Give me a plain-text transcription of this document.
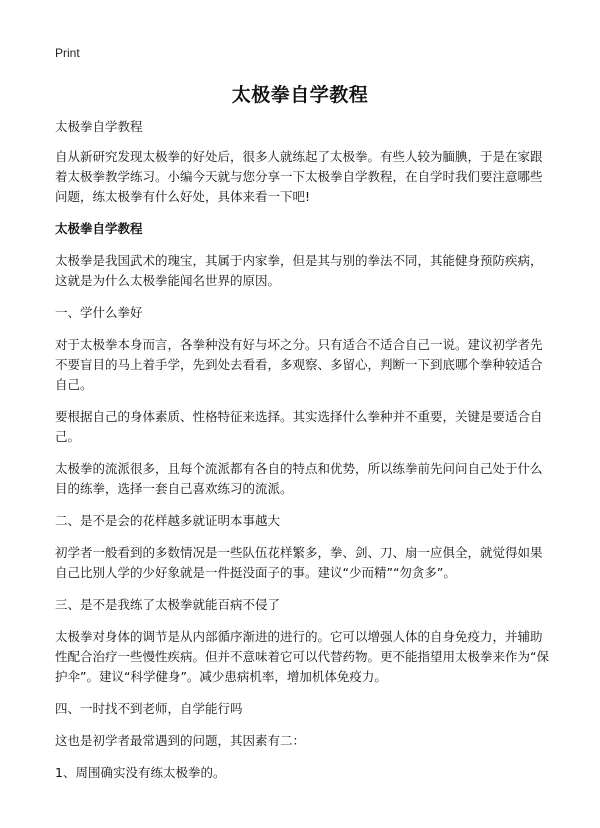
Print
太极拳自学教程

太极拳自学教程

自从新研究发现太极拳的好处后，很多人就练起了太极拳。有些人较为腼腆，于是在家跟着太极拳教学练习。小编今天就与您分享一下太极拳自学教程，在自学时我们要注意哪些问题，练太极拳有什么好处，具体来看一下吧!

太极拳自学教程

太极拳是我国武术的瑰宝，其属于内家拳，但是其与别的拳法不同，其能健身预防疾病，这就是为什么太极拳能闻名世界的原因。

一、学什么拳好

对于太极拳本身而言，各拳种没有好与坏之分。只有适合不适合自己一说。建议初学者先不要盲目的马上着手学，先到处去看看，多观察、多留心，判断一下到底哪个拳种较适合自己。

要根据自己的身体素质、性格特征来选择。其实选择什么拳种并不重要，关键是要适合自己。

太极拳的流派很多，且每个流派都有各自的特点和优势，所以练拳前先问问自己处于什么目的练拳，选择一套自己喜欢练习的流派。

二、是不是会的花样越多就证明本事越大

初学者一般看到的多数情况是一些队伍花样繁多，拳、剑、刀、扇一应俱全，就觉得如果自己比别人学的少好象就是一件挺没面子的事。建议“少而精”“勿贪多”。

三、是不是我练了太极拳就能百病不侵了

太极拳对身体的调节是从内部循序渐进的进行的。它可以增强人体的自身免疫力，并辅助性配合治疗一些慢性疾病。但并不意味着它可以代替药物。更不能指望用太极拳来作为“保护伞”。建议“科学健身”。减少患病机率，增加机体免疫力。

四、一时找不到老师，自学能行吗

这也是初学者最常遇到的问题，其因素有二：

1、周围确实没有练太极拳的。
